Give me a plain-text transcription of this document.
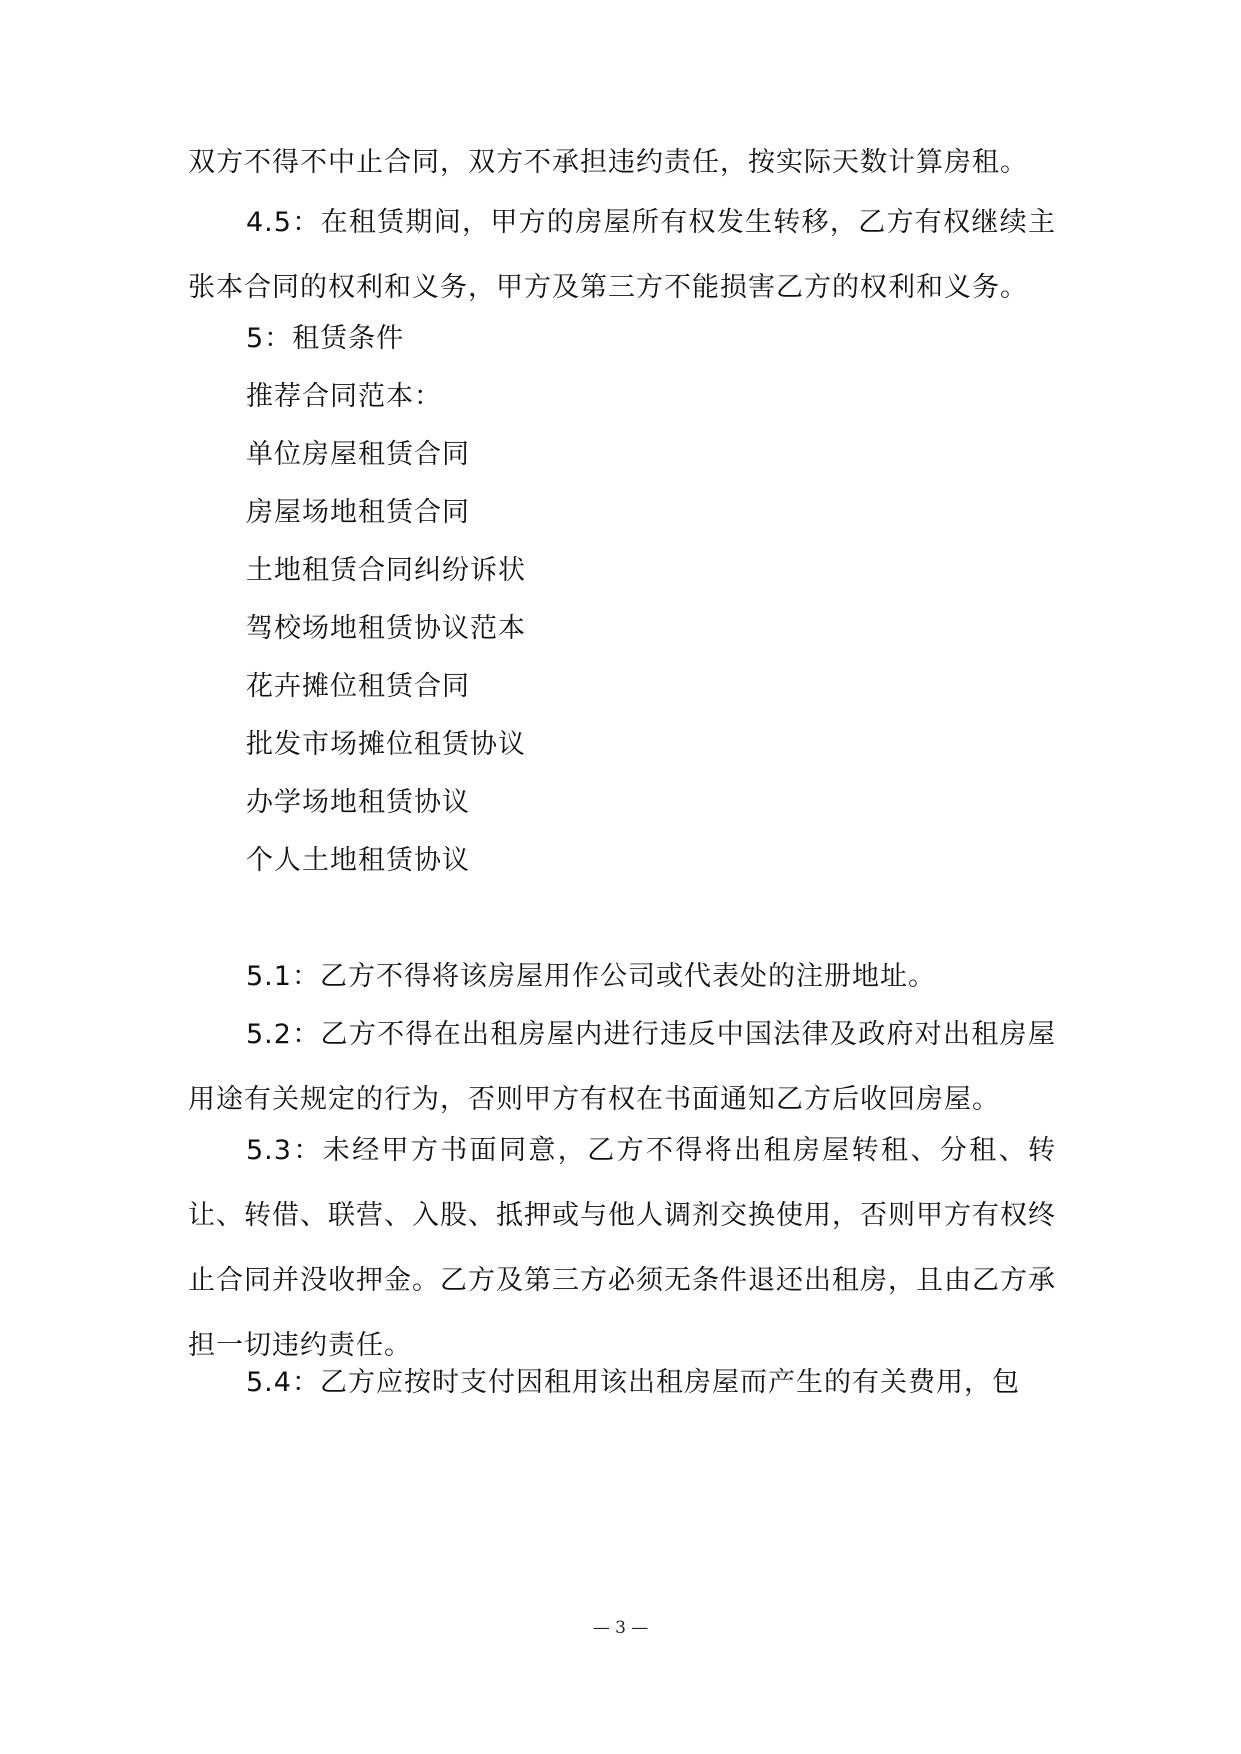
双方不得不中止合同，双方不承担违约责任，按实际天数计算房租。

4.5：在租赁期间，甲方的房屋所有权发生转移，乙方有权继续主张本合同的权利和义务，甲方及第三方不能损害乙方的权利和义务。

5：租赁条件

推荐合同范本：

单位房屋租赁合同

房屋场地租赁合同

土地租赁合同纠纷诉状

驾校场地租赁协议范本

花卉摊位租赁合同

批发市场摊位租赁协议

办学场地租赁协议

个人土地租赁协议

5.1：乙方不得将该房屋用作公司或代表处的注册地址。

5.2：乙方不得在出租房屋内进行违反中国法律及政府对出租房屋用途有关规定的行为，否则甲方有权在书面通知乙方后收回房屋。

5.3：未经甲方书面同意，乙方不得将出租房屋转租、分租、转让、转借、联营、入股、抵押或与他人调剂交换使用，否则甲方有权终止合同并没收押金。乙方及第三方必须无条件退还出租房，且由乙方承担一切违约责任。

5.4：乙方应按时支付因租用该出租房屋而产生的有关费用，包

— 3 —
